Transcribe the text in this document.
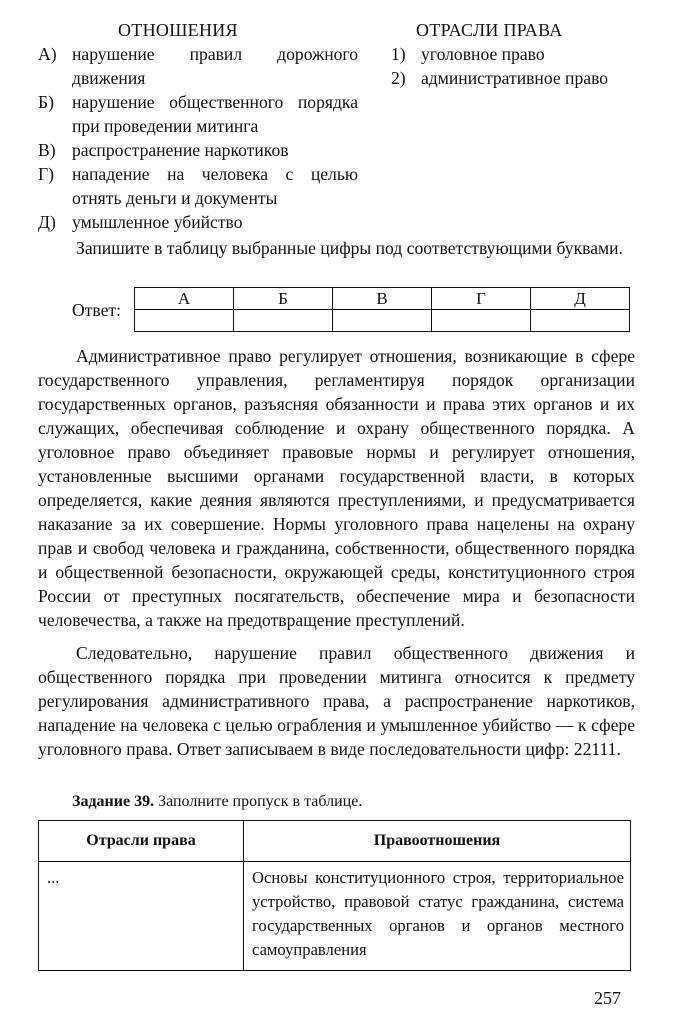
ОТНОШЕНИЯ	ОТРАСЛИ ПРАВА
А) нарушение правил дорожного движения
Б)	нарушение общественного порядка при проведении митинга
В) распространение наркотиков
Г)	нападение на человека с целью отнять деньги и документы
Д) умышленное убийство
1) уголовное право
2) административное право
Запишите в таблицу выбранные цифры под соответствующими буквами.
Ответ:
А	Б	В	Г	Д

Административное право регулирует отношения, возникающие в сфере государственного управления, регламентируя порядок организации государственных органов, разъясняя обязанности и права этих органов и их служащих, обеспечивая соблюдение и охрану общественного порядка. А уголовное право объединяет правовые нормы и регулирует отношения, установленные высшими органами государственной власти, в которых определяется, какие деяния являются преступлениями, и предусматривается наказание за их совершение. Нормы уголовного права нацелены на охрану прав и свобод человека и гражданина, собственности, общественного порядка и общественной безопасности, окружающей среды, конституционного строя России от преступных посягательств, обеспечение мира и безопасности человечества, а также на предотвращение преступлений.
Следовательно, нарушение правил общественного движения и общественного порядка при проведении митинга относится к предмету регулирования административного права, а распространение наркотиков, нападение на человека с целью ограбления и умышленное убийство — к сфере уголовного права. Ответ записываем в виде последовательности цифр: 22111.
Задание 39. Заполните пропуск в таблице.
Отрасли права	Правоотношения
...	Основы конституционного строя, территориальное устройство, правовой статус гражданина, система государственных органов и органов местного самоуправления
257
